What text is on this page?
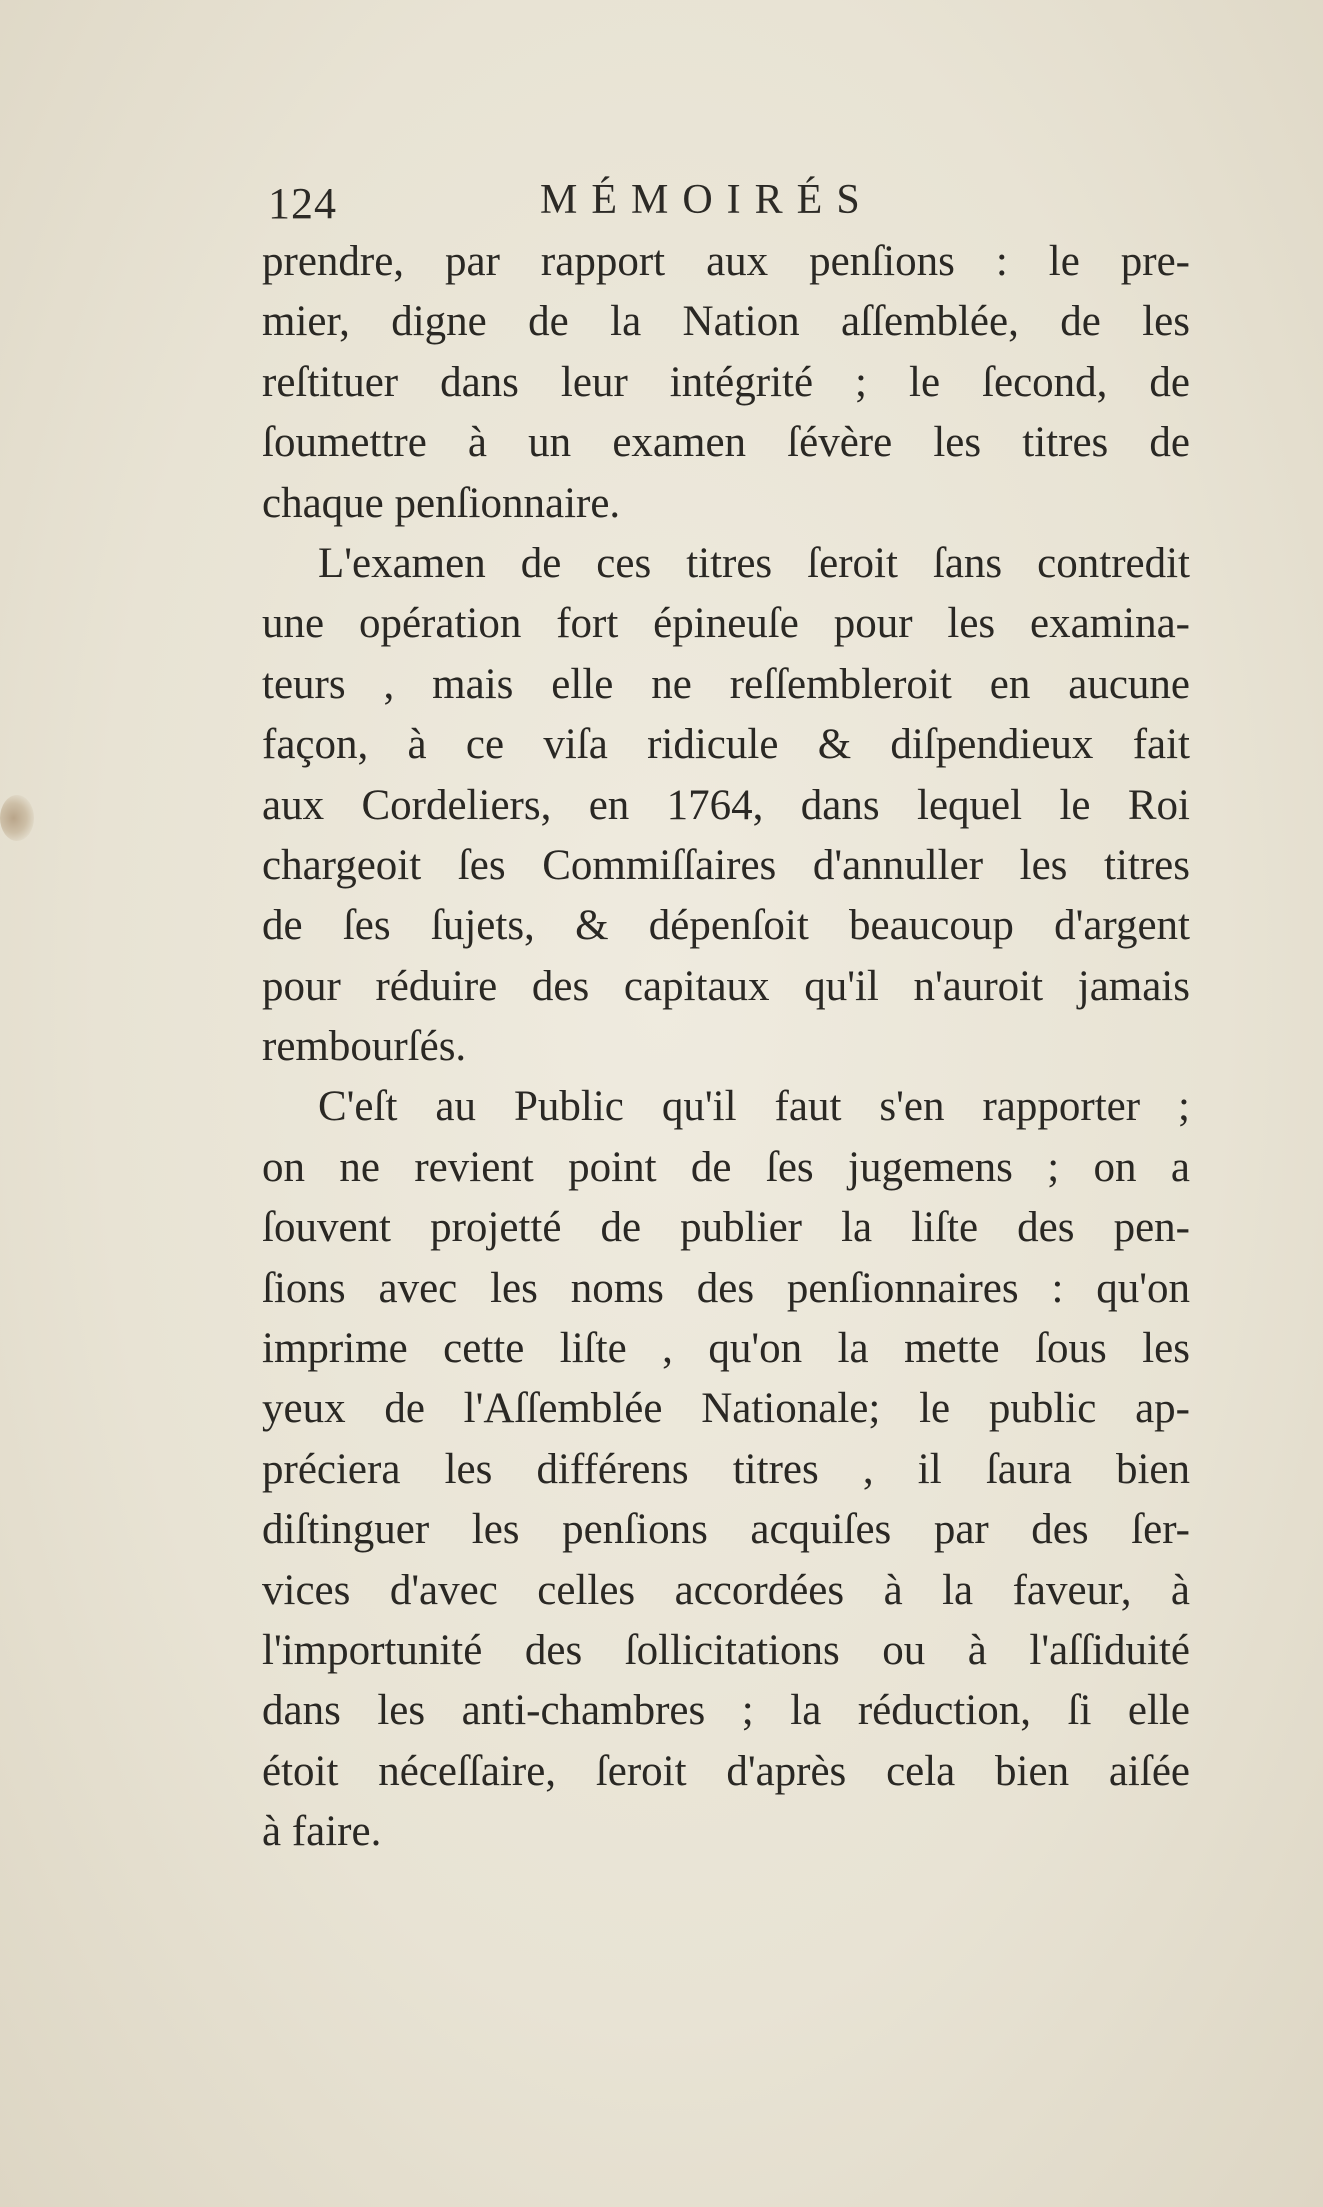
124	MÉMOIRÉS
prendre, par rapport aux penſions : le pre-
mier, digne de la Nation aſſemblée, de les
reſtituer dans leur intégrité ; le ſecond, de
ſoumettre à un examen ſévère les titres de
chaque penſionnaire.
L'examen de ces titres ſeroit ſans contredit
une opération fort épineuſe pour les examina-
teurs , mais elle ne reſſembleroit en aucune
façon, à ce viſa ridicule & diſpendieux fait
aux Cordeliers, en 1764, dans lequel le Roi
chargeoit ſes Commiſſaires d'annuller les titres
de ſes ſujets, & dépenſoit beaucoup d'argent
pour réduire des capitaux qu'il n'auroit jamais
rembourſés.
C'eſt au Public qu'il faut s'en rapporter ;
on ne revient point de ſes jugemens ; on a
ſouvent projetté de publier la liſte des pen-
ſions avec les noms des penſionnaires : qu'on
imprime cette liſte , qu'on la mette ſous les
yeux de l'Aſſemblée Nationale; le public ap-
préciera les différens titres , il ſaura bien
diſtinguer les penſions acquiſes par des ſer-
vices d'avec celles accordées à la faveur, à
l'importunité des ſollicitations ou à l'aſſiduité
dans les anti-chambres ; la réduction, ſi elle
étoit néceſſaire, ſeroit d'après cela bien aiſée
à faire.
